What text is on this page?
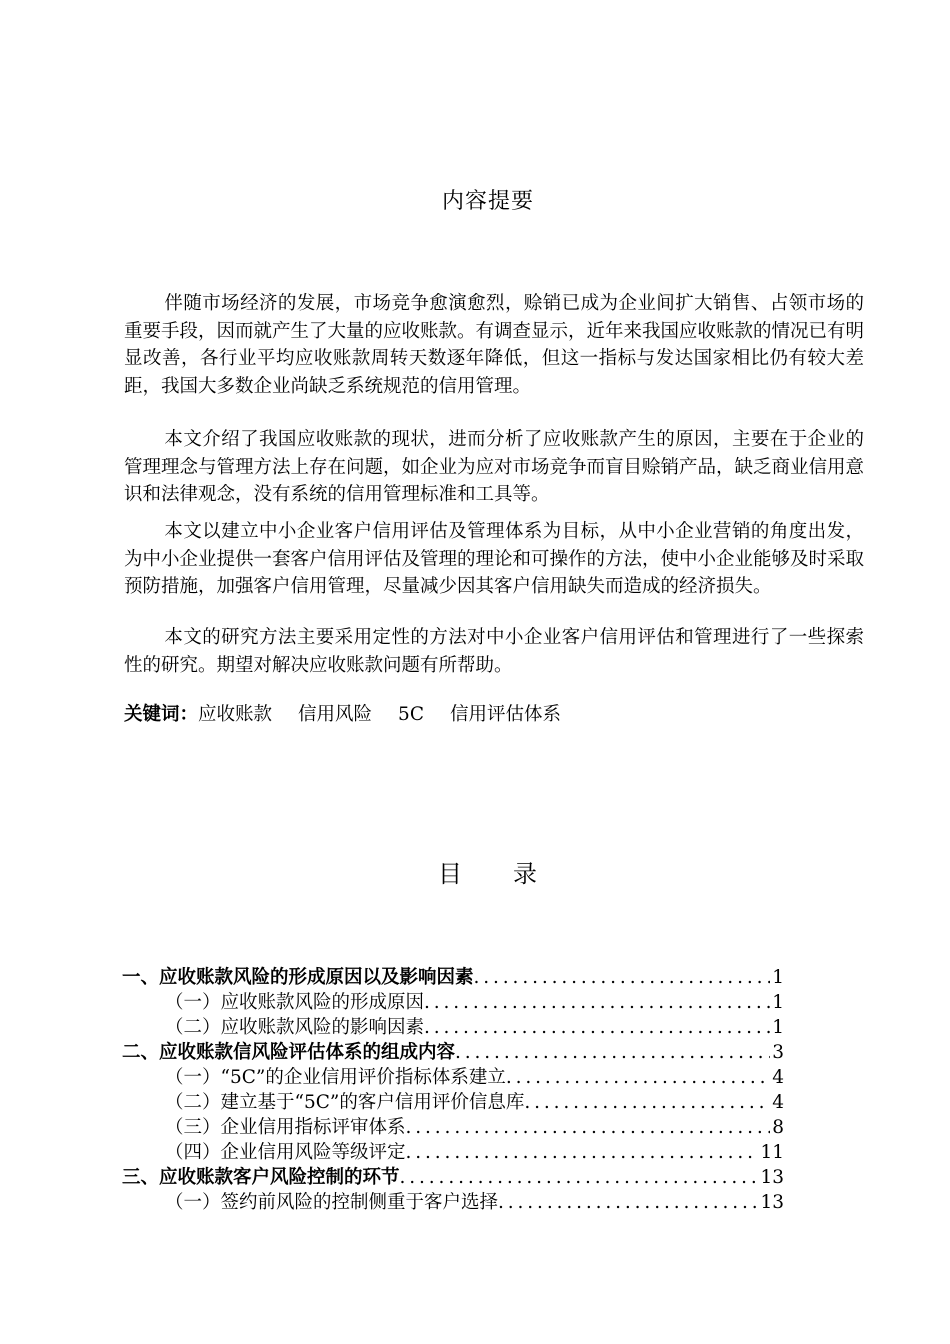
内容提要

伴随市场经济的发展，市场竞争愈演愈烈，赊销已成为企业间扩大销售、占领市场的重要手段，因而就产生了大量的应收账款。有调查显示，近年来我国应收账款的情况已有明显改善，各行业平均应收账款周转天数逐年降低，但这一指标与发达国家相比仍有较大差距，我国大多数企业尚缺乏系统规范的信用管理。

本文介绍了我国应收账款的现状，进而分析了应收账款产生的原因，主要在于企业的管理理念与管理方法上存在问题，如企业为应对市场竞争而盲目赊销产品，缺乏商业信用意识和法律观念，没有系统的信用管理标准和工具等。

本文以建立中小企业客户信用评估及管理体系为目标，从中小企业营销的角度出发，为中小企业提供一套客户信用评估及管理的理论和可操作的方法，使中小企业能够及时采取预防措施，加强客户信用管理，尽量减少因其客户信用缺失而造成的经济损失。

本文的研究方法主要采用定性的方法对中小企业客户信用评估和管理进行了一些探索性的研究。期望对解决应收账款问题有所帮助。

关键词：应收账款 信用风险 5C 信用评估体系
目　　录
一、应收账款风险的形成原因以及影响因素 . . .	1
（一）应收账款风险的形成原因 . . .	1
（二）应收账款风险的影响因素 . . .	1
二、应收账款信风险评估体系的组成内容 . . .	3
（一）“5C”的企业信用评价指标体系建立 . . .	4
（二）建立基于“5C”的客户信用评价信息库 . . .	4
（三）企业信用指标评审体系 . . .	8
（四）企业信用风险等级评定 . . .	11
三、应收账款客户风险控制的环节 . . .	13
（一）签约前风险的控制侧重于客户选择 . . .	13
